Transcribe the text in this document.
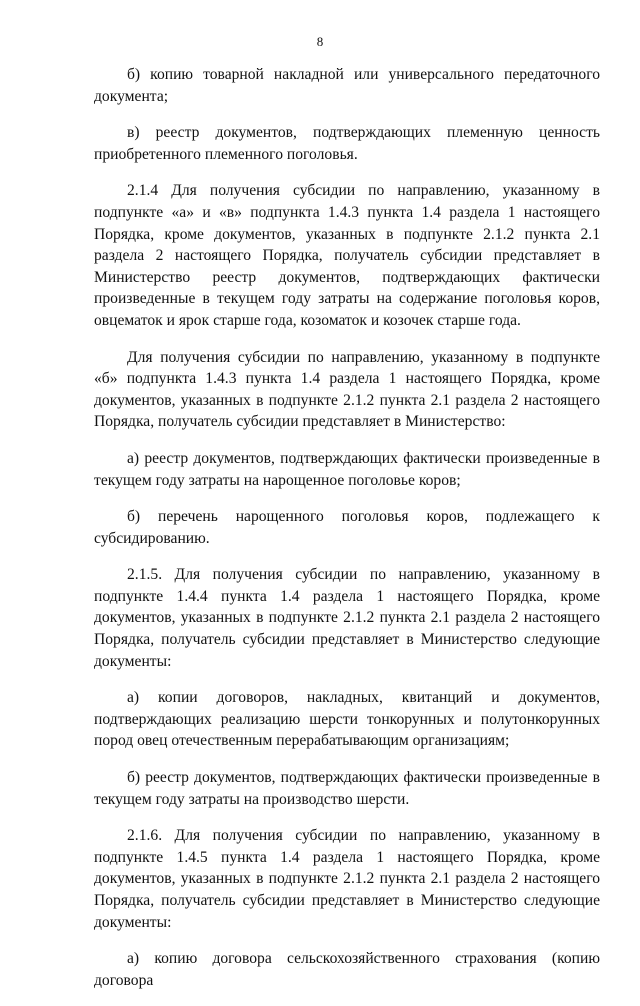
8

б) копию товарной накладной или универсального передаточного документа;

в) реестр документов, подтверждающих племенную ценность приобретенного племенного поголовья.

2.1.4 Для получения субсидии по направлению, указанному в подпункте «а» и «в» подпункта 1.4.3 пункта 1.4 раздела 1 настоящего Порядка, кроме документов, указанных в подпункте 2.1.2 пункта 2.1 раздела 2 настоящего Порядка, получатель субсидии представляет в Министерство реестр документов, подтверждающих фактически произведенные в текущем году затраты на содержание поголовья коров, овцематок и ярок старше года, козоматок и козочек старше года.

Для получения субсидии по направлению, указанному в подпункте «б» подпункта 1.4.3 пункта 1.4 раздела 1 настоящего Порядка, кроме документов, указанных в подпункте 2.1.2 пункта 2.1 раздела 2 настоящего Порядка, получатель субсидии представляет в Министерство:

а) реестр документов, подтверждающих фактически произведенные в текущем году затраты на нарощенное поголовье коров;

б) перечень нарощенного поголовья коров, подлежащего к субсидированию.

2.1.5. Для получения субсидии по направлению, указанному в подпункте 1.4.4 пункта 1.4 раздела 1 настоящего Порядка, кроме документов, указанных в подпункте 2.1.2 пункта 2.1 раздела 2 настоящего Порядка, получатель субсидии представляет в Министерство следующие документы:

а) копии договоров, накладных, квитанций и документов, подтверждающих реализацию шерсти тонкорунных и полутонкорунных пород овец отечественным перерабатывающим организациям;

б) реестр документов, подтверждающих фактически произведенные в текущем году затраты на производство шерсти.

2.1.6. Для получения субсидии по направлению, указанному в подпункте 1.4.5 пункта 1.4 раздела 1 настоящего Порядка, кроме документов, указанных в подпункте 2.1.2 пункта 2.1 раздела 2 настоящего Порядка, получатель субсидии представляет в Министерство следующие документы:

а) копию договора сельскохозяйственного страхования (копию договора
